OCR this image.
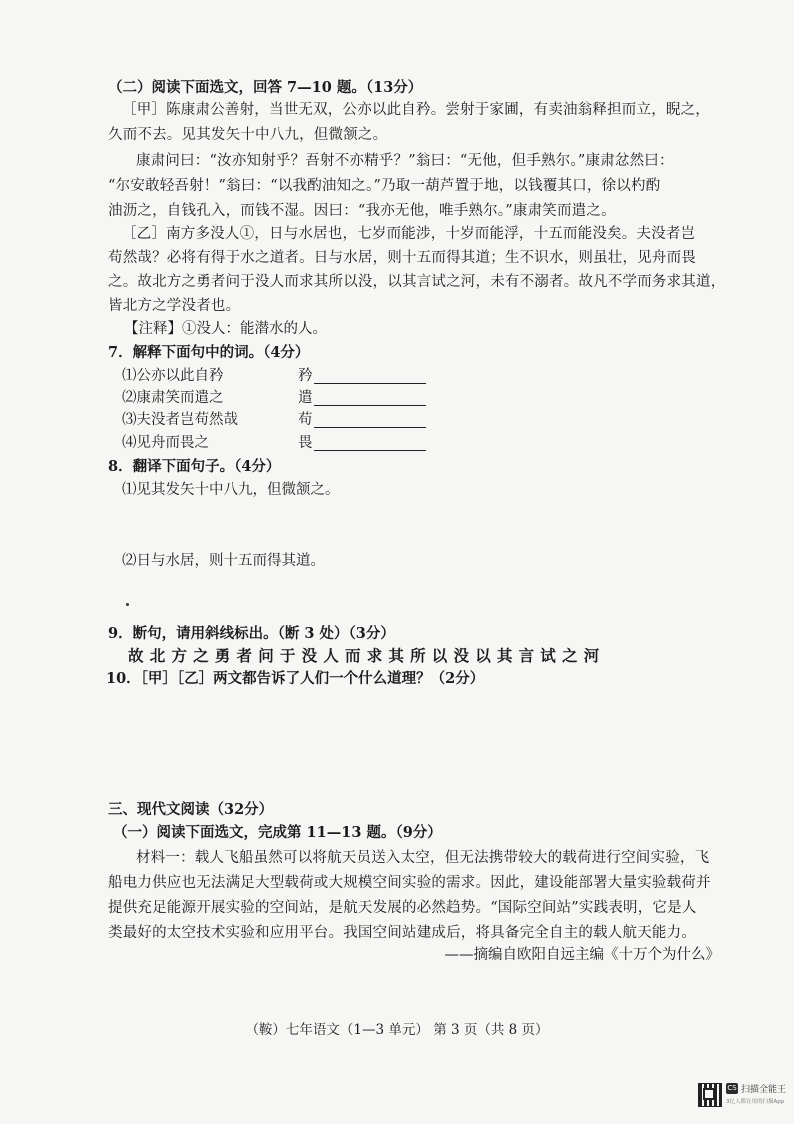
（二）阅读下面选文，回答 7—10 题。（13分）
［甲］陈康肃公善射，当世无双，公亦以此自矜。尝射于家圃，有卖油翁释担而立，睨之，
久而不去。见其发矢十中八九，但微颔之。
康肃问曰：“汝亦知射乎？吾射不亦精乎？”翁曰：“无他，但手熟尔。”康肃忿然曰：
“尔安敢轻吾射！”翁曰：“以我酌油知之。”乃取一葫芦置于地，以钱覆其口，徐以杓酌
油沥之，自钱孔入，而钱不湿。因曰：“我亦无他，唯手熟尔。”康肃笑而遣之。
［乙］南方多没人①，日与水居也，七岁而能涉，十岁而能浮，十五而能没矣。夫没者岂
苟然哉？必将有得于水之道者。日与水居，则十五而得其道；生不识水，则虽壮，见舟而畏
之。故北方之勇者问于没人而求其所以没，以其言试之河，未有不溺者。故凡不学而务求其道，
皆北方之学没者也。
【注释】①没人：能潜水的人。
7．解释下面句中的词。（4分）
⑴公亦以此自矜	矜
⑵康肃笑而遣之	遣
⑶夫没者岂苟然哉	苟
⑷见舟而畏之	畏
8．翻译下面句子。（4分）
⑴见其发矢十中八九，但微颔之。
⑵日与水居，则十五而得其道。
9．断句，请用斜线标出。（断 3 处）（3分）
故北方之勇者问于没人而求其所以没以其言试之河
10．［甲］［乙］两文都告诉了人们一个什么道理？（2分）
三、现代文阅读（32分）
（一）阅读下面选文，完成第 11—13 题。（9分）
材料一：载人飞船虽然可以将航天员送入太空，但无法携带较大的载荷进行空间实验，飞
船电力供应也无法满足大型载荷或大规模空间实验的需求。因此，建设能部署大量实验载荷并
提供充足能源开展实验的空间站，是航天发展的必然趋势。“国际空间站”实践表明，它是人
类最好的太空技术实验和应用平台。我国空间站建成后，将具备完全自主的载人航天能力。
——摘编自欧阳自远主编《十万个为什么》
（鞍）七年语文（1—3 单元） 第 3 页（共 8 页）
CS 扫描全能王
3亿人都在用的扫描App
